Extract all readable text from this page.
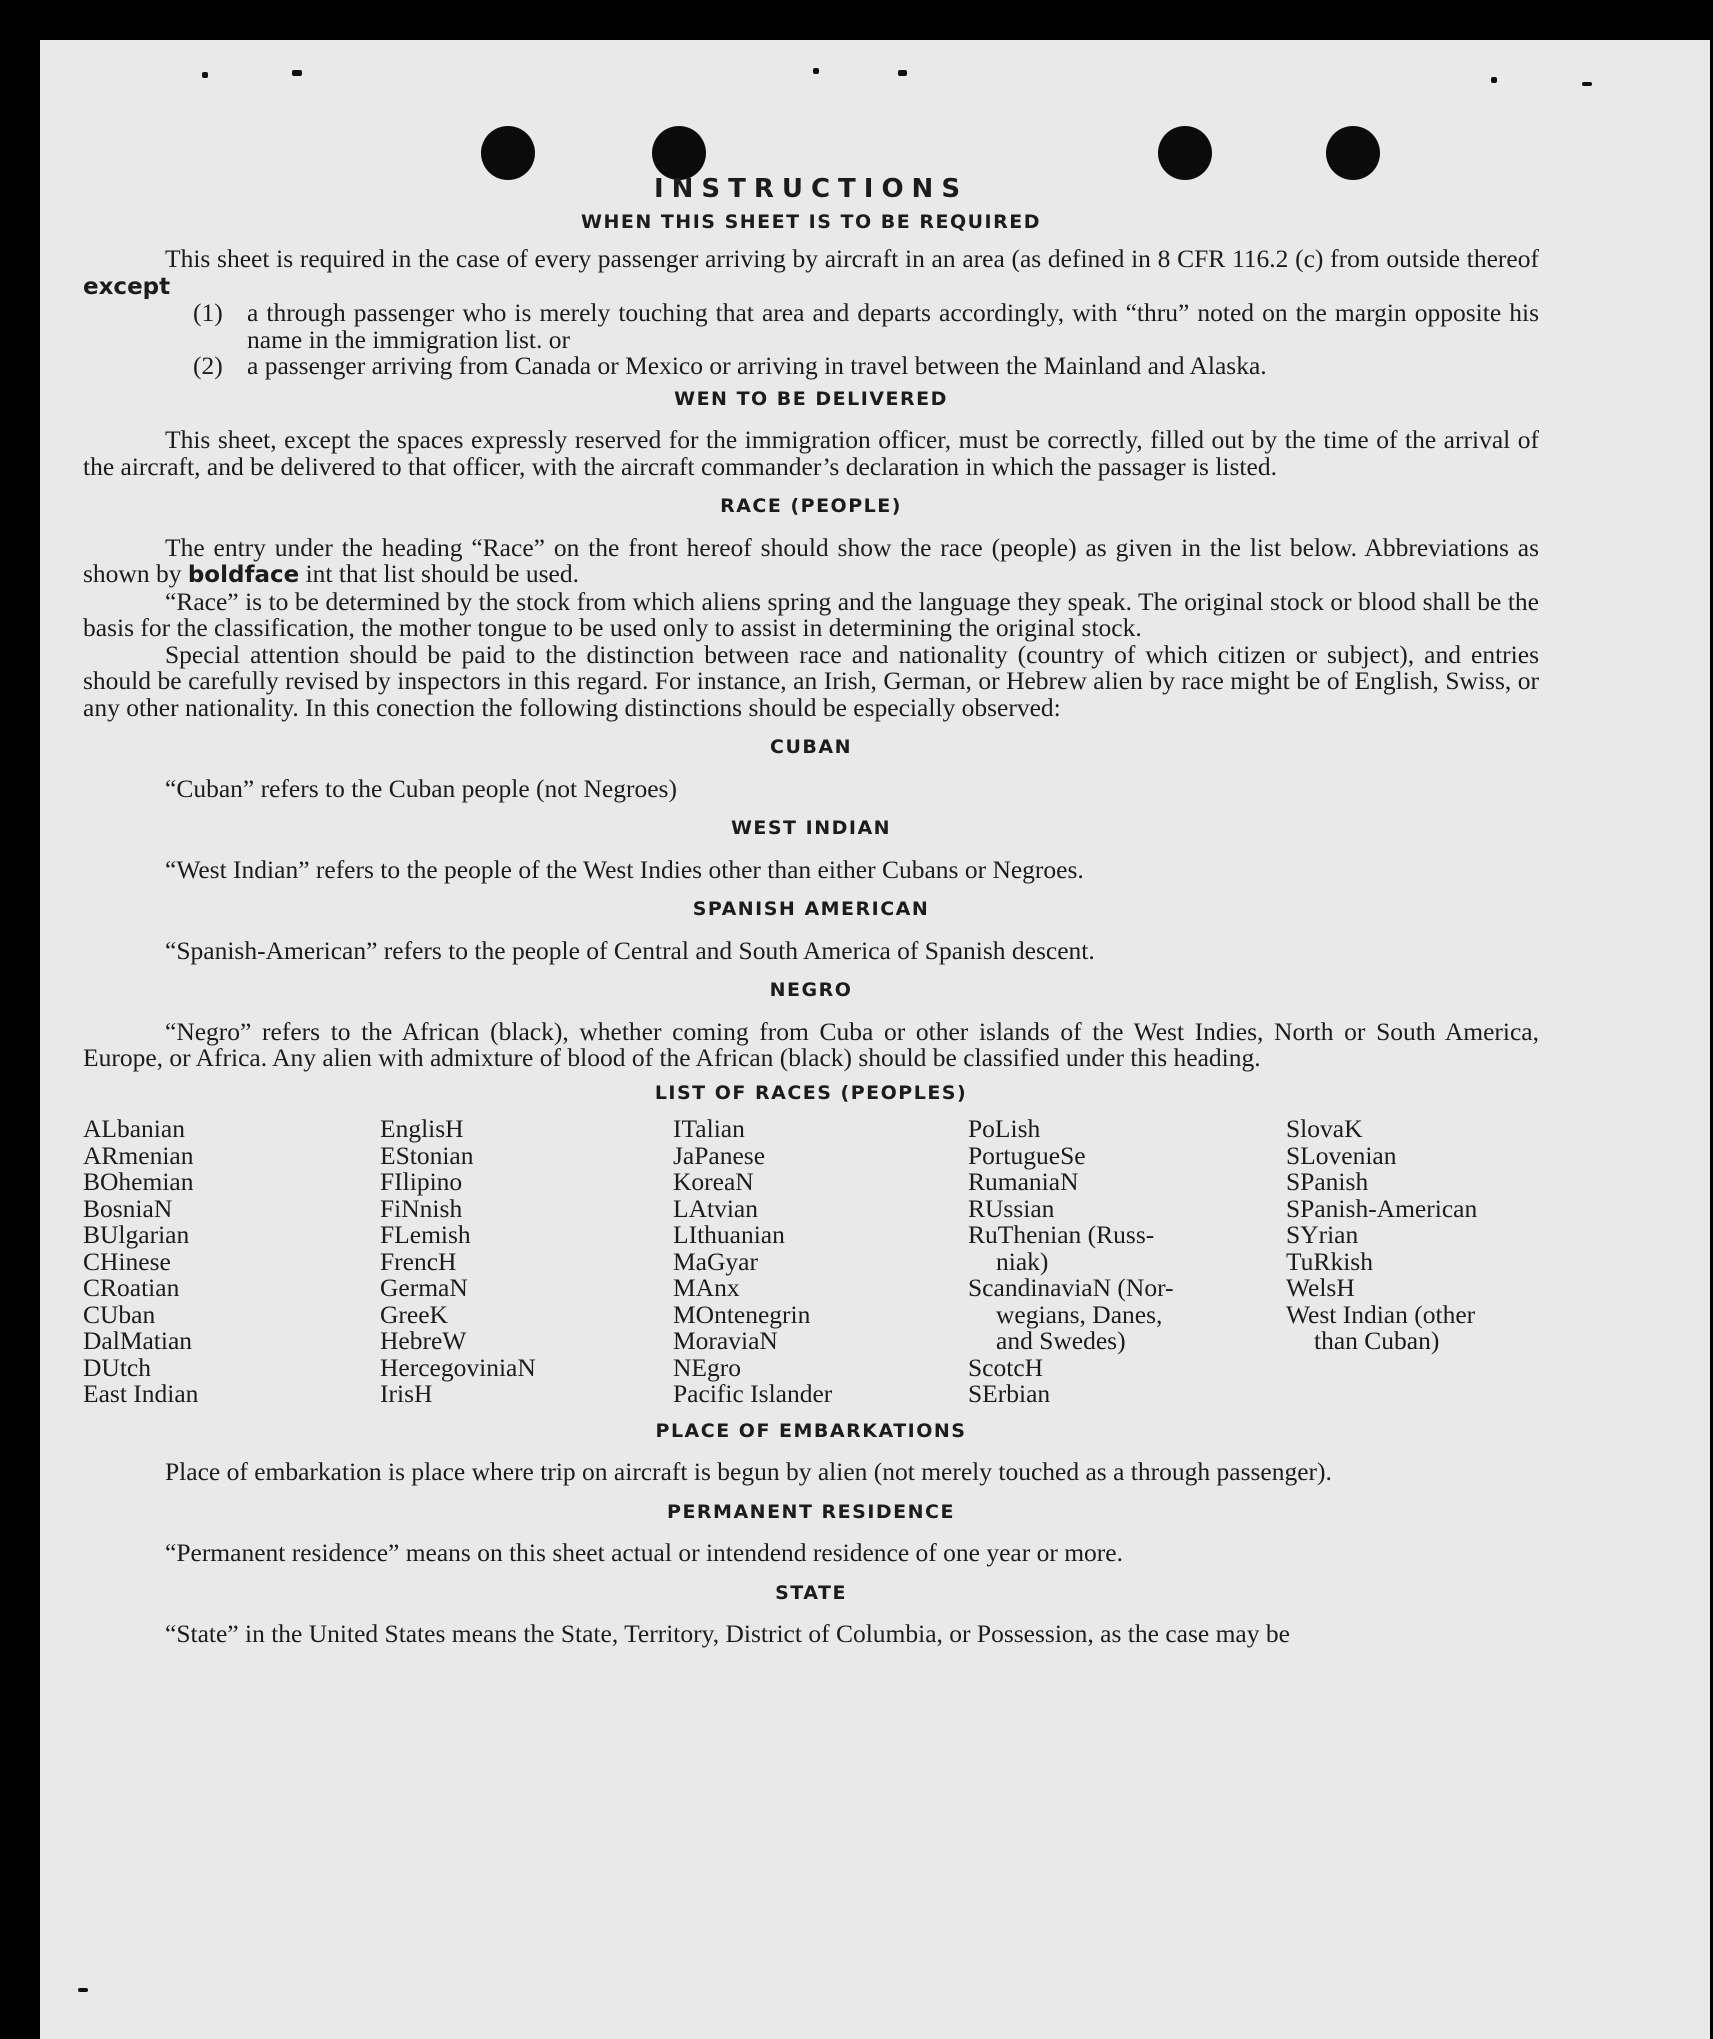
INSTRUCTIONS
WHEN THIS SHEET IS TO BE REQUIRED

This sheet is required in the case of every passenger arriving by aircraft in an area (as defined in 8 CFR 116.2 (c) from outside thereof except

(1) a through passenger who is merely touching that area and departs accordingly, with “thru” noted on the margin opposite his name in the immigration list. or
(2) a passenger arriving from Canada or Mexico or arriving in travel between the Mainland and Alaska.
WEN TO BE DELIVERED

This sheet, except the spaces expressly reserved for the immigration officer, must be correctly, filled out by the time of the arrival of the aircraft, and be delivered to that officer, with the aircraft commander’s declaration in which the passager is listed.

RACE (PEOPLE)

The entry under the heading “Race” on the front hereof should show the race (people) as given in the list below. Abbreviations as shown by boldface int that list should be used.

“Race” is to be determined by the stock from which aliens spring and the language they speak. The original stock or blood shall be the basis for the classification, the mother tongue to be used only to assist in determining the original stock.

Special attention should be paid to the distinction between race and nationality (country of which citizen or subject), and entries should be carefully revised by inspectors in this regard. For instance, an Irish, German, or Hebrew alien by race might be of English, Swiss, or any other nationality. In this conection the following distinctions should be especially observed:

CUBAN

“Cuban” refers to the Cuban people (not Negroes)

WEST INDIAN

“West Indian” refers to the people of the West Indies other than either Cubans or Negroes.

SPANISH AMERICAN

“Spanish-American” refers to the people of Central and South America of Spanish descent.

NEGRO

“Negro” refers to the African (black), whether coming from Cuba or other islands of the West Indies, North or South America, Europe, or Africa. Any alien with admixture of blood of the African (black) should be classified under this heading.

LIST OF RACES (PEOPLES)
ALbanian
ARmenian
BOhemian
BosniaN
BUlgarian
CHinese
CRoatian
CUban
DalMatian
DUtch
East Indian
EnglisH
EStonian
FIlipino
FiNnish
FLemish
FrencH
GermaN
GreeK
HebreW
HercegoviniaN
IrisH
ITalian
JaPanese
KoreaN
LAtvian
LIthuanian
MaGyar
MAnx
MOntenegrin
MoraviaN
NEgro
Pacific Islander
PoLish
PortugueSe
RumaniaN
RUssian
RuThenian (Russ-
niak)
ScandinaviaN (Nor-
wegians, Danes,
and Swedes)
ScotcH
SErbian
SlovaK
SLovenian
SPanish
SPanish-American
SYrian
TuRkish
WelsH
West Indian (other
than Cuban)
PLACE OF EMBARKATIONS

Place of embarkation is place where trip on aircraft is begun by alien (not merely touched as a through passenger).

PERMANENT RESIDENCE

“Permanent residence” means on this sheet actual or intendend residence of one year or more.

STATE

“State” in the United States means the State, Territory, District of Columbia, or Possession, as the case may be
